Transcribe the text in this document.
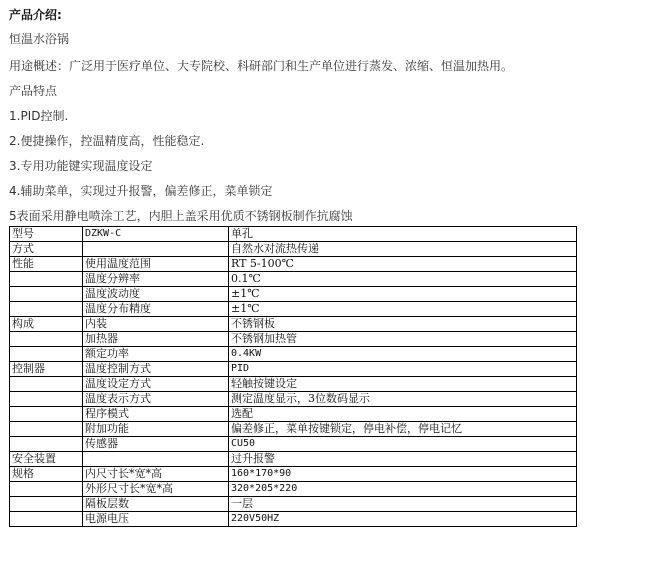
产品介绍:
恒温水浴锅
用途概述：广泛用于医疗单位、大专院校、科研部门和生产单位进行蒸发、浓缩、恒温加热用。
产品特点
1.PID控制.
2.便捷操作，控温精度高，性能稳定.
3.专用功能键实现温度设定
4.辅助菜单，实现过升报警，偏差修正，菜单锁定
5表面采用静电喷涂工艺，内胆上盖采用优质不锈钢板制作抗腐蚀
型号	DZKW-C	单孔
方式		自然水对流热传递
性能	使用温度范围	RT 5-100℃
	温度分辨率	0.1℃
	温度波动度	±1℃
	温度分布精度	±1℃
构成	内装	不锈钢板
	加热器	不锈钢加热管
	额定功率	0.4KW
控制器	温度控制方式	PID
	温度设定方式	轻触按键设定
	温度表示方式	测定温度显示，3位数码显示
	程序模式	选配
	附加功能	偏差修正，菜单按键锁定，停电补偿，停电记忆
	传感器	CU50
安全装置		过升报警
规格	内尺寸长*宽*高	160*170*90
	外形尺寸长*宽*高	320*205*220
	隔板层数	一层
	电源电压	220V50HZ
